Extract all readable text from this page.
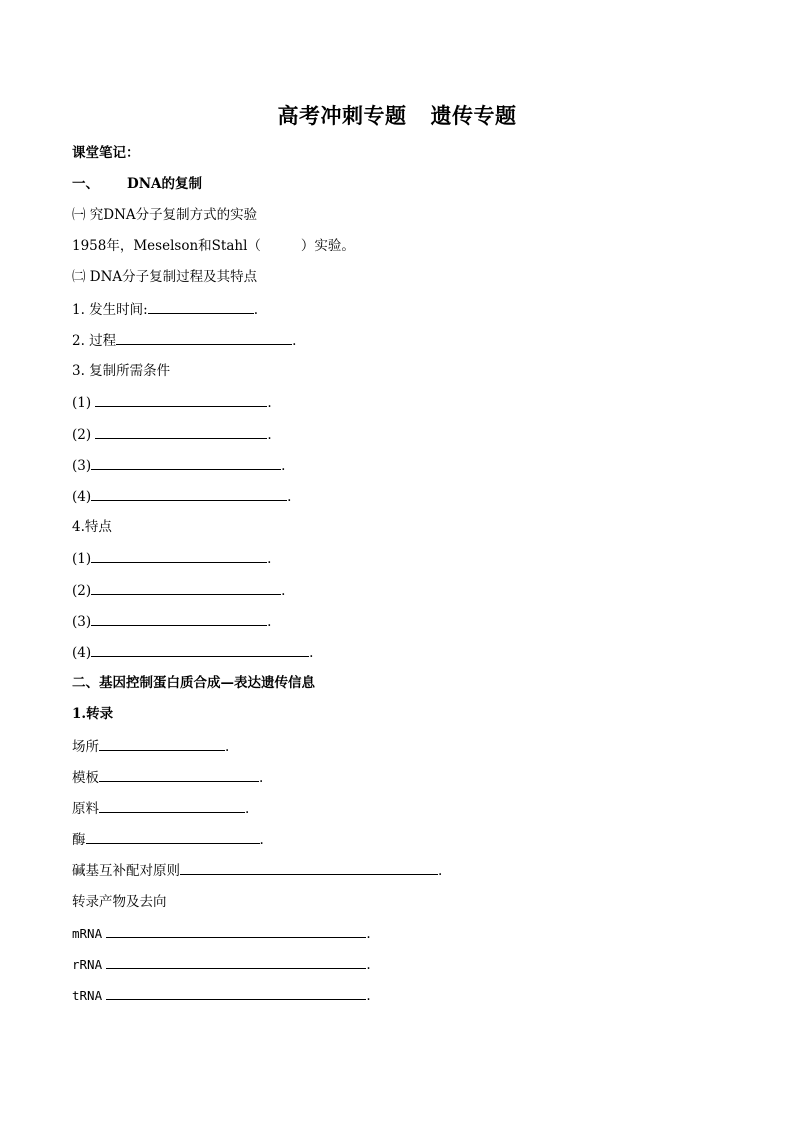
高考冲刺专题 遗传专题
课堂笔记：
一、 DNA的复制
㈠ 究DNA分子复制方式的实验
1958年，Meselson和Stahl（	）实验。
㈡ DNA分子复制过程及其特点
1. 发生时间:	.
2. 过程	.
3. 复制所需条件
(1)	.
(2)	.
(3)	.
(4)	.
4.特点
(1)	.
(2)	.
(3)	.
(4)	.
二、基因控制蛋白质合成—表达遗传信息
1.转录
场所	.
模板	.
原料	.
酶	.
碱基互补配对原则	.
转录产物及去向
mRNA	.
rRNA	.
tRNA	.
